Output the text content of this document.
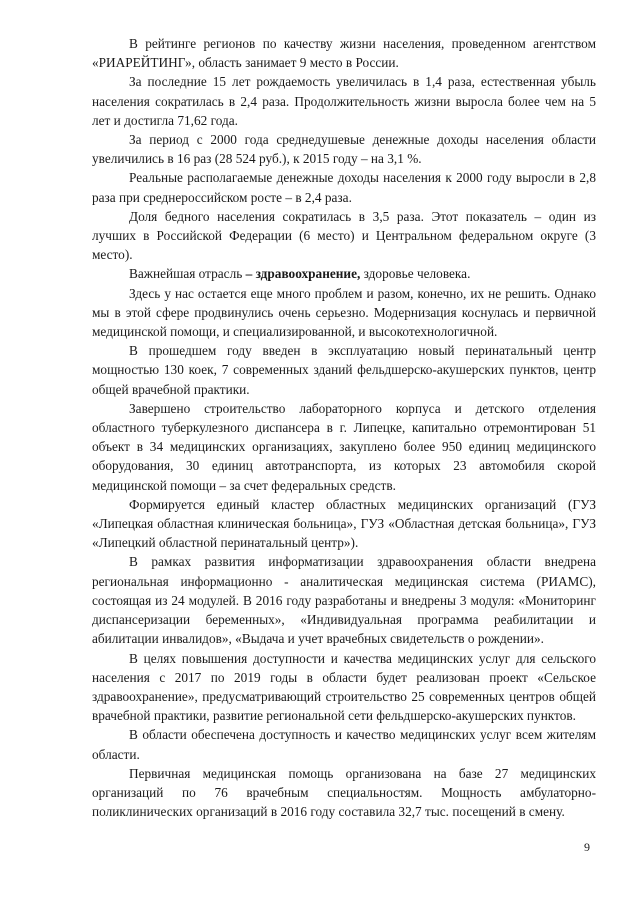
В рейтинге регионов по качеству жизни населения, проведенном агентством «РИАРЕЙТИНГ», область занимает 9 место в России.

За последние 15 лет рождаемость увеличилась в 1,4 раза, естественная убыль населения сократилась в 2,4 раза. Продолжительность жизни выросла более чем на 5 лет и достигла 71,62 года.

За период с 2000 года среднедушевые денежные доходы населения области увеличились в 16 раз (28 524 руб.), к 2015 году – на 3,1 %.

Реальные располагаемые денежные доходы населения к 2000 году выросли в 2,8 раза при среднероссийском росте – в 2,4 раза.

Доля бедного населения сократилась в 3,5 раза. Этот показатель – один из лучших в Российской Федерации (6 место) и Центральном федеральном округе (3 место).

Важнейшая отрасль – здравоохранение, здоровье человека.

Здесь у нас остается еще много проблем и разом, конечно, их не решить. Однако мы в этой сфере продвинулись очень серьезно. Модернизация коснулась и первичной медицинской помощи, и специализированной, и высокотехнологичной.

В прошедшем году введен в эксплуатацию новый перинатальный центр мощностью 130 коек, 7 современных зданий фельдшерско-акушерских пунктов, центр общей врачебной практики.

Завершено строительство лабораторного корпуса и детского отделения областного туберкулезного диспансера в г. Липецке, капитально отремонтирован 51 объект в 34 медицинских организациях, закуплено более 950 единиц медицинского оборудования, 30 единиц автотранспорта, из которых 23 автомобиля скорой медицинской помощи – за счет федеральных средств.

Формируется единый кластер областных медицинских организаций (ГУЗ «Липецкая областная клиническая больница», ГУЗ «Областная детская больница», ГУЗ «Липецкий областной перинатальный центр»).

В рамках развития информатизации здравоохранения области внедрена региональная информационно - аналитическая медицинская система (РИАМС), состоящая из 24 модулей. В 2016 году разработаны и внедрены 3 модуля: «Мониторинг диспансеризации беременных», «Индивидуальная программа реабилитации и абилитации инвалидов», «Выдача и учет врачебных свидетельств о рождении».

В целях повышения доступности и качества медицинских услуг для сельского населения с 2017 по 2019 годы в области будет реализован проект «Сельское здравоохранение», предусматривающий строительство 25 современных центров общей врачебной практики, развитие региональной сети фельдшерско-акушерских пунктов.

В области обеспечена доступность и качество медицинских услуг всем жителям области.

Первичная медицинская помощь организована на базе 27 медицинских организаций по 76 врачебным специальностям. Мощность амбулаторно-поликлинических организаций в 2016 году составила 32,7 тыс. посещений в смену.

9
